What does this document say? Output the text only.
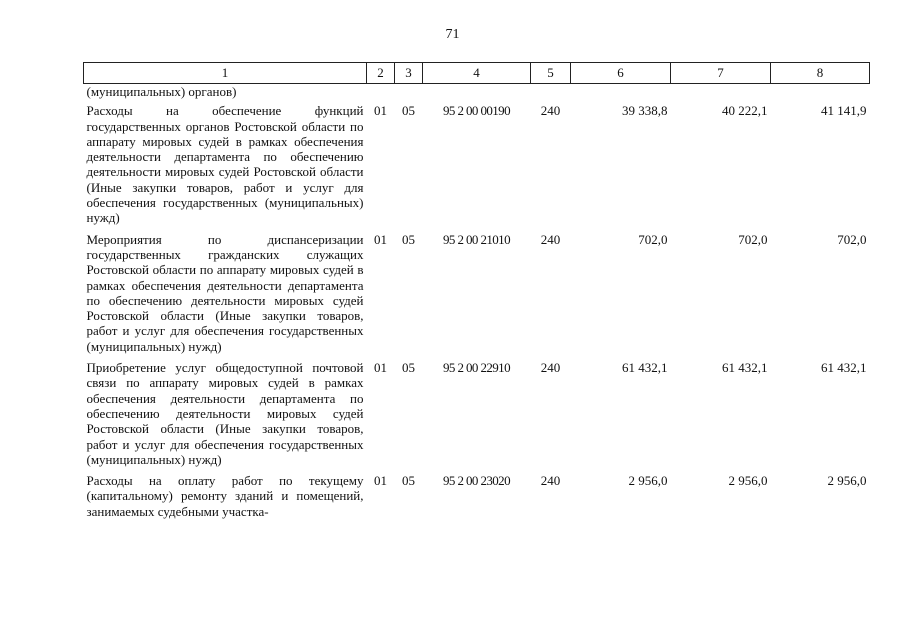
71
1	2	3	4	5	6	7	8
(муниципальных) органов)							
Расходы на обеспечение функций государственных органов Ростовской области по аппарату мировых судей в рамках обеспечения деятельности департамента по обеспечению деятельности мировых судей Ростовской области (Иные закупки товаров, работ и услуг для обеспечения государственных (муниципальных) нужд)	01	05	95 2 00 00190	240	39 338,8	40 222,1	41 141,9
Мероприятия по диспансеризации государственных гражданских служащих Ростовской области по аппарату мировых судей в рамках обеспечения деятельности департамента по обеспечению деятельности мировых судей Ростовской области (Иные закупки товаров, работ и услуг для обеспечения государственных (муниципальных) нужд)	01	05	95 2 00 21010	240	702,0	702,0	702,0
Приобретение услуг общедоступной почтовой связи по аппарату мировых судей в рамках обеспечения деятельности департамента по обеспечению деятельности мировых судей Ростовской области (Иные закупки товаров, работ и услуг для обеспечения государственных (муниципальных) нужд)	01	05	95 2 00 22910	240	61 432,1	61 432,1	61 432,1
Расходы на оплату работ по текущему (капитальному) ремонту зданий и помещений, занимаемых судебными участка-	01	05	95 2 00 23020	240	2 956,0	2 956,0	2 956,0
